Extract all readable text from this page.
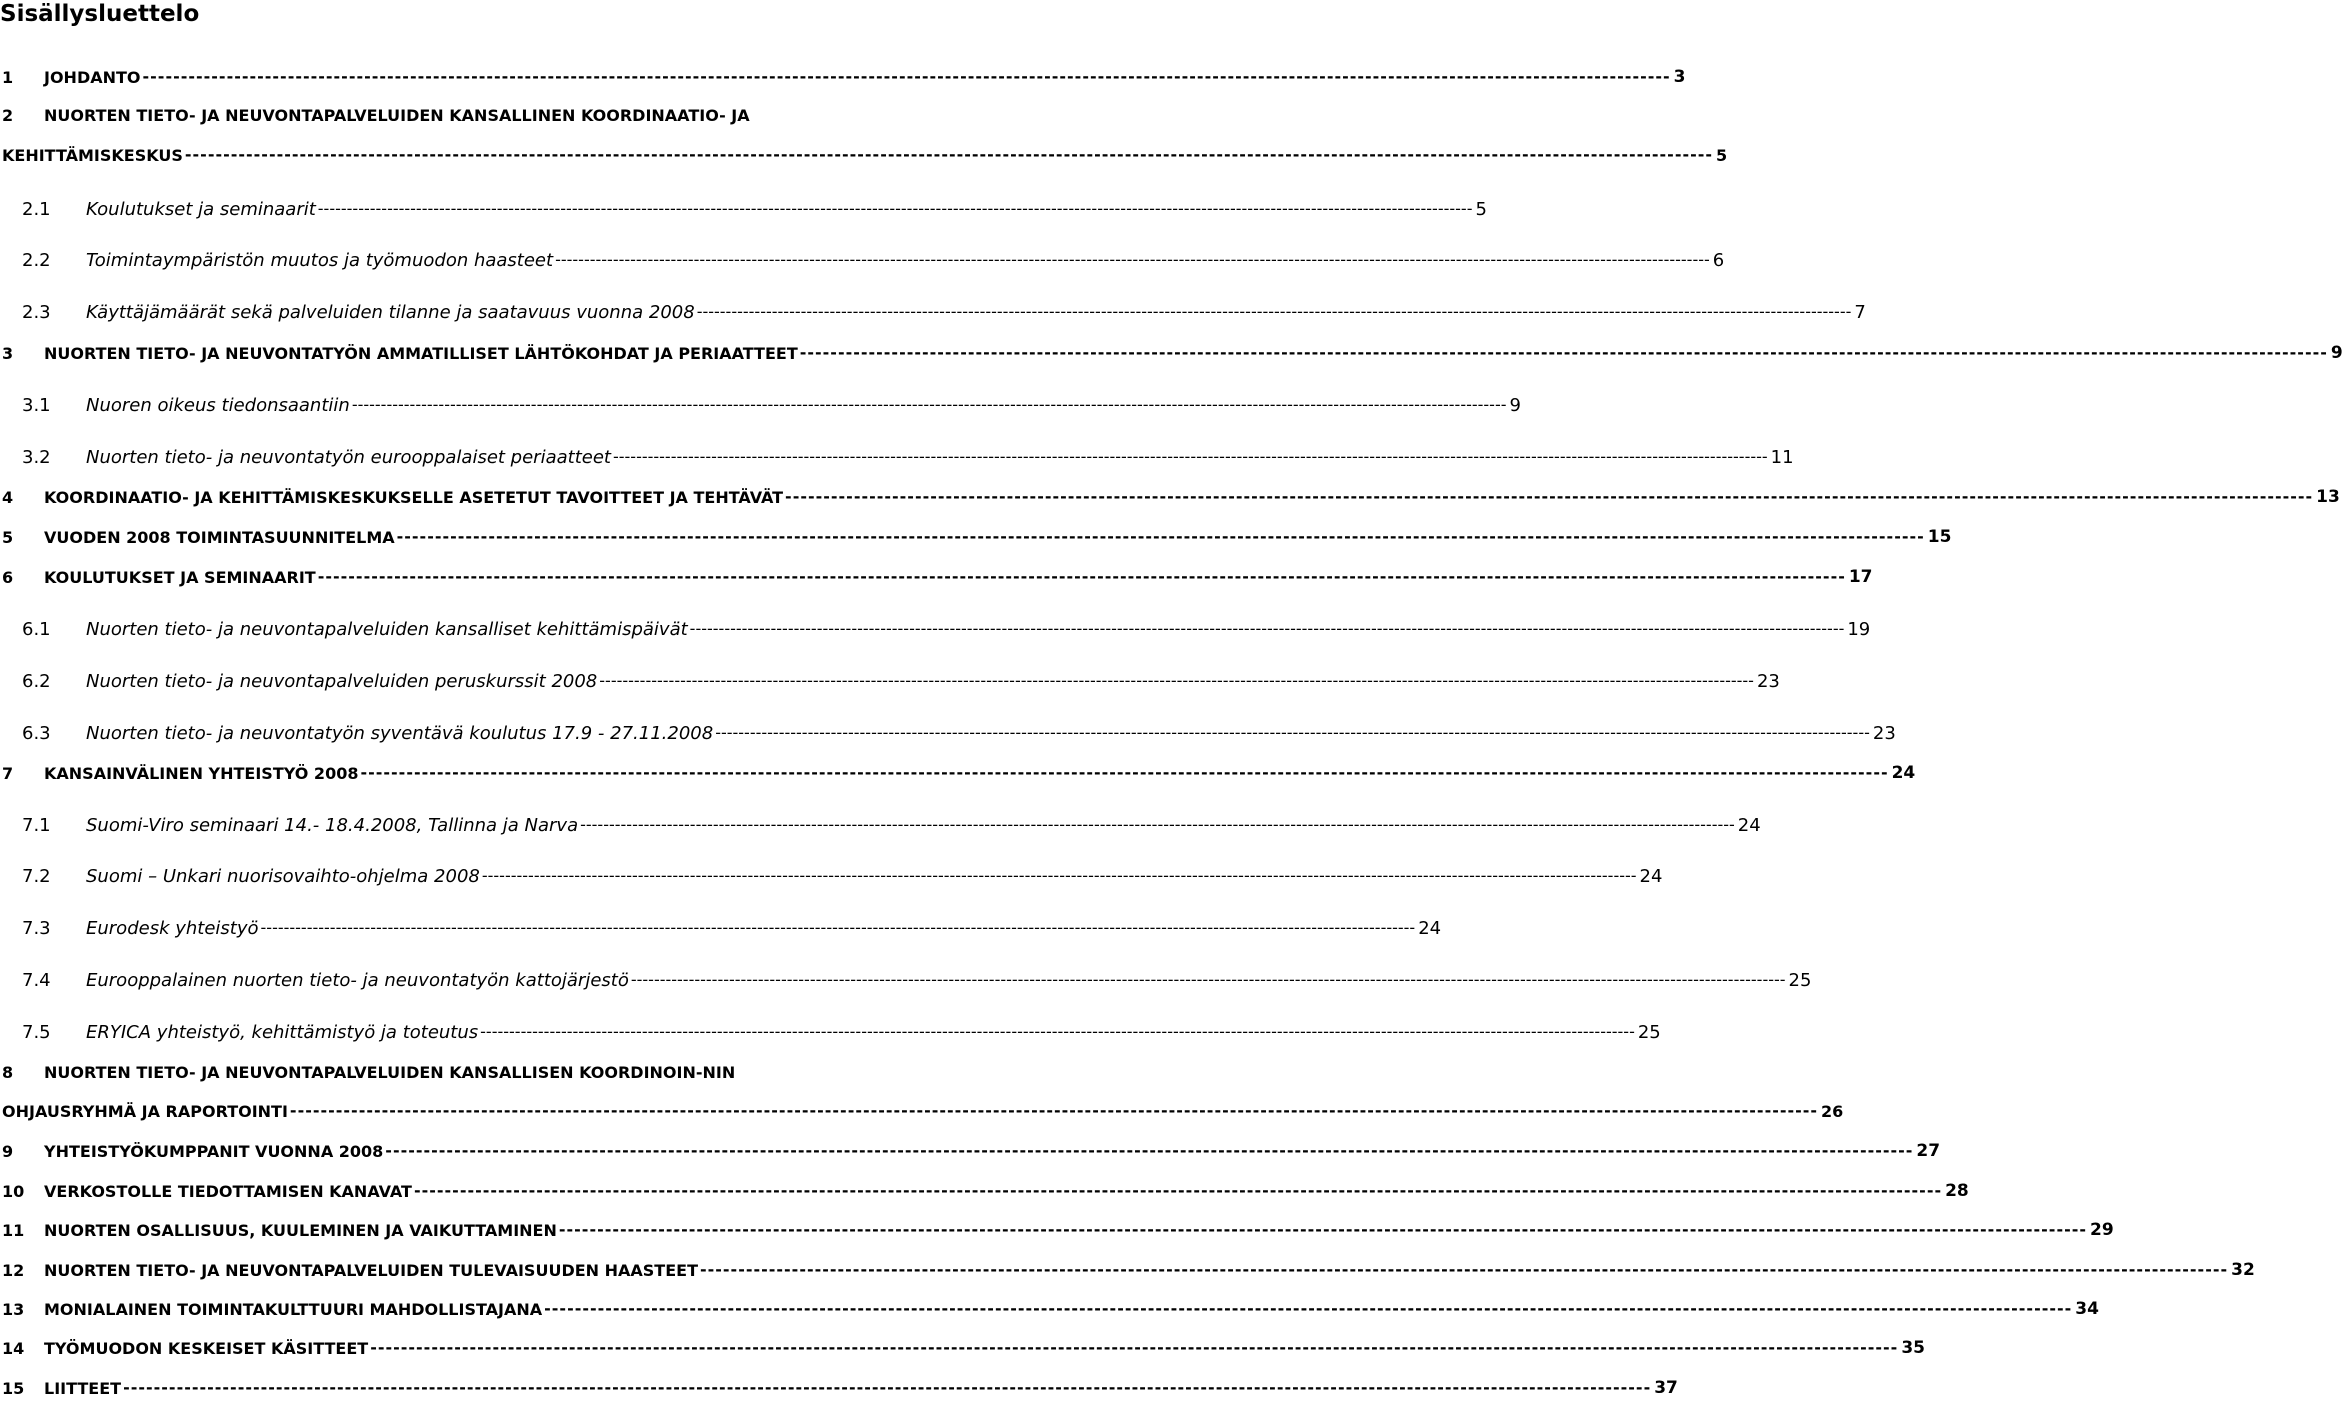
Sisällysluettelo
1	JOHDANTO -----	3
2	NUORTEN TIETO- JA NEUVONTAPALVELUIDEN KANSALLINEN KOORDINAATIO- JA
KEHITTÄMISKESKUS -----	5
2.1	Koulutukset ja seminaarit -----	5
2.2	Toimintaympäristön muutos ja työmuodon haasteet -----	6
2.3	Käyttäjämäärät sekä palveluiden tilanne ja saatavuus vuonna 2008 -----	7
3	NUORTEN TIETO- JA NEUVONTATYÖN AMMATILLISET LÄHTÖKOHDAT JA PERIAATTEET -----	9
3.1	Nuoren oikeus tiedonsaantiin -----	9
3.2	Nuorten tieto- ja neuvontatyön eurooppalaiset periaatteet -----	11
4	KOORDINAATIO- JA KEHITTÄMISKESKUKSELLE ASETETUT TAVOITTEET JA TEHTÄVÄT -----	13
5	VUODEN 2008 TOIMINTASUUNNITELMA -----	15
6	KOULUTUKSET JA SEMINAARIT -----	17
6.1	Nuorten tieto- ja neuvontapalveluiden kansalliset kehittämispäivät -----	19
6.2	Nuorten tieto- ja neuvontapalveluiden peruskurssit 2008 -----	23
6.3	Nuorten tieto- ja neuvontatyön syventävä koulutus 17.9 - 27.11.2008 -----	23
7	KANSAINVÄLINEN YHTEISTYÖ 2008 -----	24
7.1	Suomi-Viro seminaari 14.- 18.4.2008, Tallinna ja Narva -----	24
7.2	Suomi – Unkari nuorisovaihto-ohjelma 2008 -----	24
7.3	Eurodesk yhteistyö -----	24
7.4	Eurooppalainen nuorten tieto- ja neuvontatyön kattojärjestö -----	25
7.5	ERYICA yhteistyö, kehittämistyö ja toteutus -----	25
8	NUORTEN TIETO- JA NEUVONTAPALVELUIDEN KANSALLISEN KOORDINOIN-NIN
OHJAUSRYHMÄ JA RAPORTOINTI -----	26
9	YHTEISTYÖKUMPPANIT VUONNA 2008 -----	27
10	VERKOSTOLLE TIEDOTTAMISEN KANAVAT -----	28
11	NUORTEN OSALLISUUS, KUULEMINEN JA VAIKUTTAMINEN -----	29
12	NUORTEN TIETO- JA NEUVONTAPALVELUIDEN TULEVAISUUDEN HAASTEET -----	32
13	MONIALAINEN TOIMINTAKULTTUURI MAHDOLLISTAJANA -----	34
14	TYÖMUODON KESKEISET KÄSITTEET -----	35
15	LIITTEET -----	37
